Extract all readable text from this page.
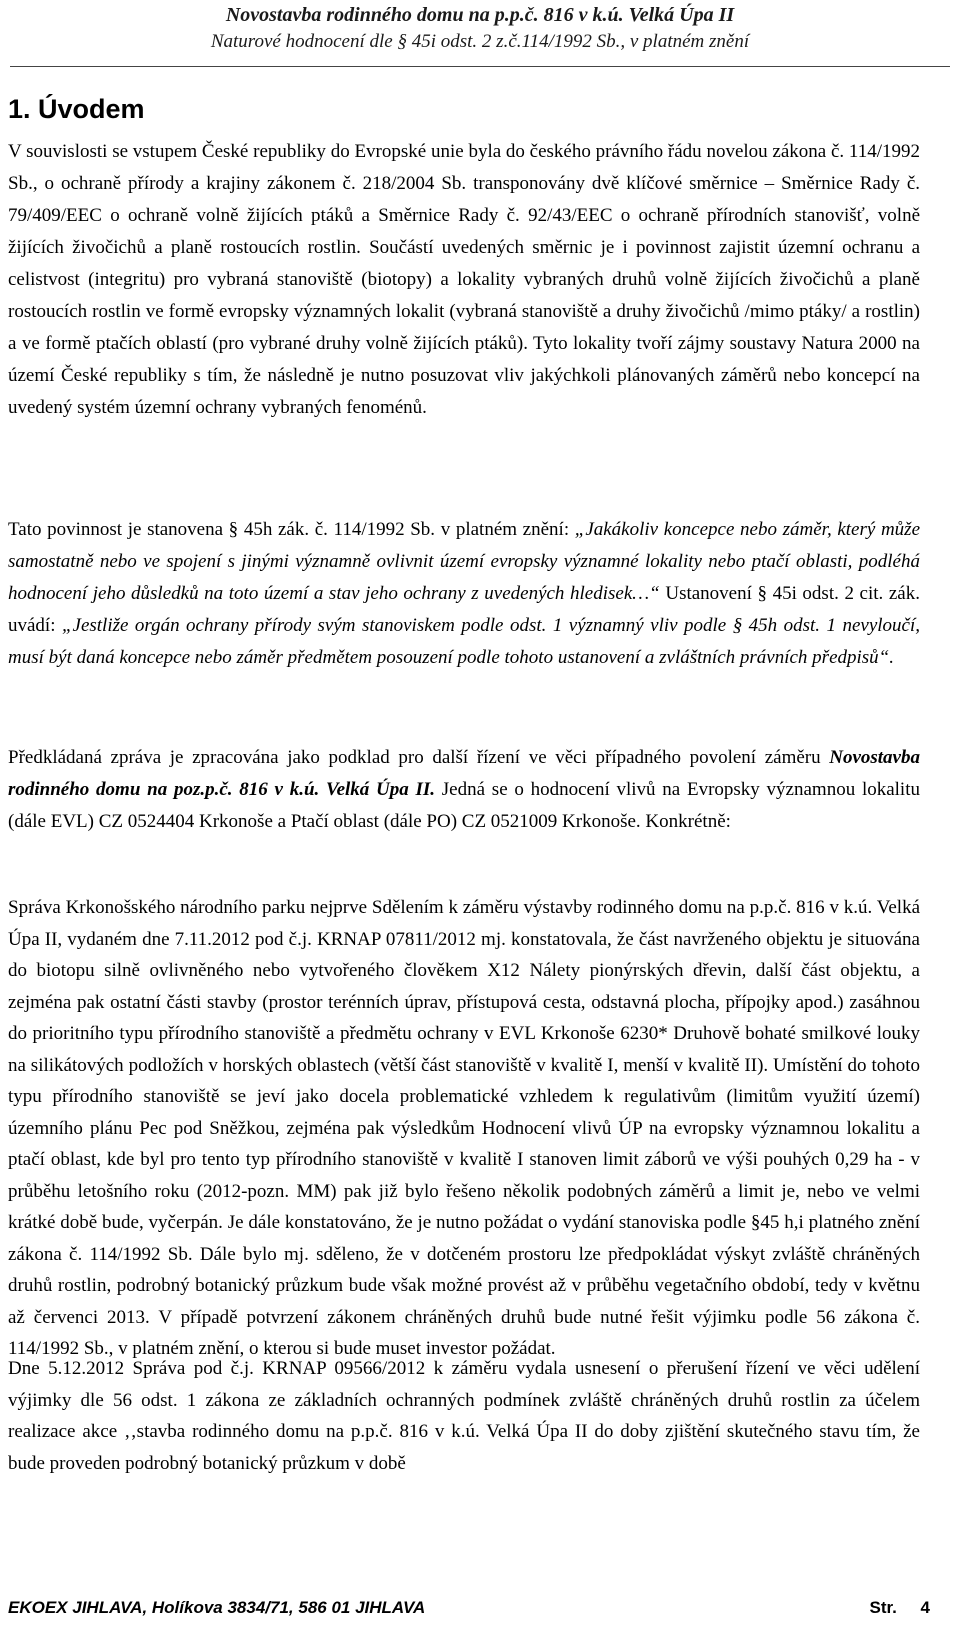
Novostavba rodinného domu na p.p.č. 816 v k.ú. Velká Úpa II
Naturové hodnocení dle § 45i odst. 2 z.č.114/1992 Sb., v platném znění
1. Úvodem

V souvislosti se vstupem České republiky do Evropské unie byla do českého právního řádu novelou zákona č. 114/1992 Sb., o ochraně přírody a krajiny zákonem č. 218/2004 Sb. transponovány dvě klíčové směrnice – Směrnice Rady č. 79/409/EEC o ochraně volně žijících ptáků a Směrnice Rady č. 92/43/EEC o ochraně přírodních stanovišť, volně žijících živočichů a planě rostoucích rostlin. Součástí uvedených směrnic je i povinnost zajistit územní ochranu a celistvost (integritu) pro vybraná stanoviště (biotopy) a lokality vybraných druhů volně žijících živočichů a planě rostoucích rostlin ve formě evropsky významných lokalit (vybraná stanoviště a druhy živočichů /mimo ptáky/ a rostlin) a ve formě ptačích oblastí (pro vybrané druhy volně žijících ptáků). Tyto lokality tvoří zájmy soustavy Natura 2000 na území České republiky s tím, že následně je nutno posuzovat vliv jakýchkoli plánovaných záměrů nebo koncepcí na uvedený systém územní ochrany vybraných fenoménů.

Tato povinnost je stanovena § 45h zák. č. 114/1992 Sb. v platném znění: „Jakákoliv koncepce nebo záměr, který může samostatně nebo ve spojení s jinými významně ovlivnit území evropsky významné lokality nebo ptačí oblasti, podléhá hodnocení jeho důsledků na toto území a stav jeho ochrany z uvedených hledisek…“ Ustanovení § 45i odst. 2 cit. zák. uvádí: „Jestliže orgán ochrany přírody svým stanoviskem podle odst. 1 významný vliv podle § 45h odst. 1 nevyloučí, musí být daná koncepce nebo záměr předmětem posouzení podle tohoto ustanovení a zvláštních právních předpisů“.

Předkládaná zpráva je zpracována jako podklad pro další řízení ve věci případného povolení záměru Novostavba rodinného domu na poz.p.č. 816 v k.ú. Velká Úpa II. Jedná se o hodnocení vlivů na Evropsky významnou lokalitu (dále EVL) CZ 0524404 Krkonoše a Ptačí oblast (dále PO) CZ 0521009 Krkonoše. Konkrétně:

Správa Krkonošského národního parku nejprve Sdělením k záměru výstavby rodinného domu na p.p.č. 816 v k.ú. Velká Úpa II, vydaném dne 7.11.2012 pod č.j. KRNAP 07811/2012 mj. konstatovala, že část navrženého objektu je situována do biotopu silně ovlivněného nebo vytvořeného člověkem X12 Nálety pionýrských dřevin, další část objektu, a zejména pak ostatní části stavby (prostor terénních úprav, přístupová cesta, odstavná plocha, přípojky apod.) zasáhnou do prioritního typu přírodního stanoviště a předmětu ochrany v EVL Krkonoše 6230* Druhově bohaté smilkové louky na silikátových podložích v horských oblastech (větší část stanoviště v kvalitě I, menší v kvalitě II). Umístění do tohoto typu přírodního stanoviště se jeví jako docela problematické vzhledem k regulativům (limitům využití území) územního plánu Pec pod Sněžkou, zejména pak výsledkům Hodnocení vlivů ÚP na evropsky významnou lokalitu a ptačí oblast, kde byl pro tento typ přírodního stanoviště v kvalitě I stanoven limit záborů ve výši pouhých 0,29 ha - v průběhu letošního roku (2012-pozn. MM) pak již bylo řešeno několik podobných záměrů a limit je, nebo ve velmi krátké době bude, vyčerpán. Je dále konstatováno, že je nutno požádat o vydání stanoviska podle §45 h,i platného znění zákona č. 114/1992 Sb. Dále bylo mj. sděleno, že v dotčeném prostoru lze předpokládat výskyt zvláště chráněných druhů rostlin, podrobný botanický průzkum bude však možné provést až v průběhu vegetačního období, tedy v květnu až červenci 2013. V případě potvrzení zákonem chráněných druhů bude nutné řešit výjimku podle 56 zákona č. 114/1992 Sb., v platném znění, o kterou si bude muset investor požádat.

Dne 5.12.2012 Správa pod č.j. KRNAP 09566/2012 k záměru vydala usnesení o přerušení řízení ve věci udělení výjimky dle 56 odst. 1 zákona ze základních ochranných podmínek zvláště chráněných druhů rostlin za účelem realizace akce ‚‚stavba rodinného domu na p.p.č. 816 v k.ú. Velká Úpa II do doby zjištění skutečného stavu tím, že bude proveden podrobný botanický průzkum v době

EKOEX JIHLAVA, Holíkova 3834/71, 586 01 JIHLAVA	Str. 4
